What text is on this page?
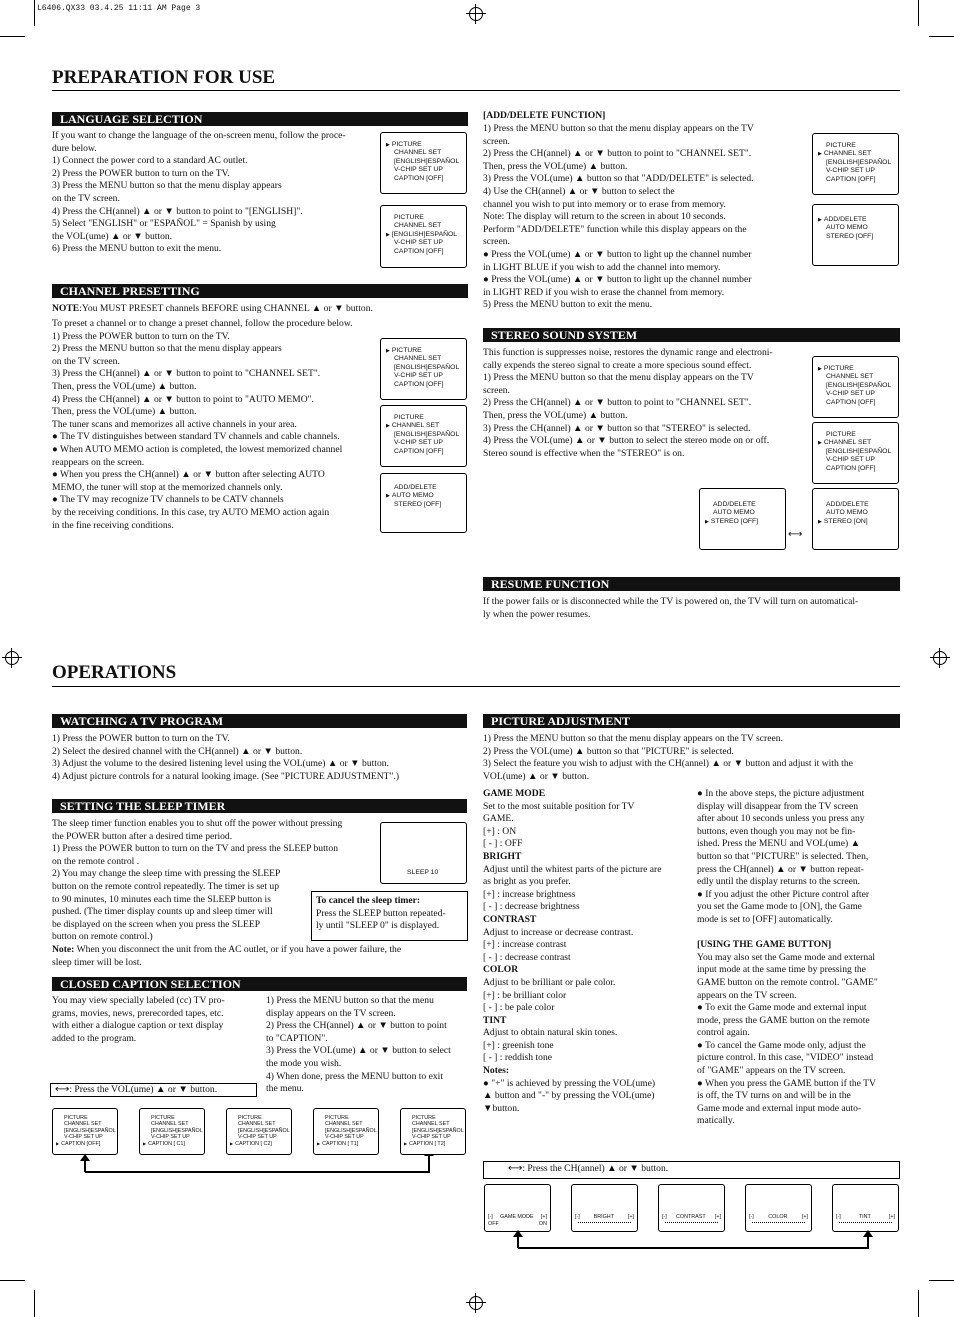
L6406.QX33 03.4.25 11:11 AM Page 3
PREPARATION FOR USE
LANGUAGE SELECTION
If you want to change the language of the on-screen menu, follow the proce-
dure below.
1) Connect the power cord to a standard AC outlet.
2) Press the POWER button to turn on the TV.
3) Press the MENU button so that the menu display appears
on the TV screen.
4) Press the CH(annel) ▲ or ▼ button to point to "[ENGLISH]".
5) Select "ENGLISH" or "ESPAÑOL" = Spanish by using
the VOL(ume) ▲ or ▼ button.
6) Press the MENU button to exit the menu.
▶ PICTURE
CHANNEL SET
[ENGLISH]ESPAÑOL
V-CHIP SET UP
CAPTION [OFF]
PICTURE
CHANNEL SET
▶ [ENGLISH]ESPAÑOL
V-CHIP SET UP
CAPTION [OFF]
CHANNEL PRESETTING
NOTE:You MUST PRESET channels BEFORE using CHANNEL ▲ or ▼ button.
To preset a channel or to change a preset channel, follow the procedure below.
1) Press the POWER button to turn on the TV.
2) Press the MENU button so that the menu display appears
on the TV screen.
3) Press the CH(annel) ▲ or ▼ button to point to "CHANNEL SET".
Then, press the VOL(ume) ▲ button.
4) Press the CH(annel) ▲ or ▼ button to point to "AUTO MEMO".
Then, press the VOL(ume) ▲ button.
The tuner scans and memorizes all active channels in your area.
● The TV distinguishes between standard TV channels and cable channels.
● When AUTO MEMO action is completed, the lowest memorized channel
reappears on the screen.
● When you press the CH(annel) ▲ or ▼ button after selecting AUTO
MEMO, the tuner will stop at the memorized channels only.
● The TV may recognize TV channels to be CATV channels
by the receiving conditions. In this case, try AUTO MEMO action again
in the fine receiving conditions.
▶ PICTURE
CHANNEL SET
[ENGLISH]ESPAÑOL
V-CHIP SET UP
CAPTION [OFF]
PICTURE
▶ CHANNEL SET
[ENGLISH]ESPAÑOL
V-CHIP SET UP
CAPTION [OFF]
ADD/DELETE
▶ AUTO MEMO
STEREO [OFF]
[ADD/DELETE FUNCTION]
1) Press the MENU button so that the menu display appears on the TV
screen.
2) Press the CH(annel) ▲ or ▼ button to point to "CHANNEL SET".
Then, press the VOL(ume) ▲ button.
3) Press the VOL(ume) ▲ button so that "ADD/DELETE" is selected.
4) Use the CH(annel) ▲ or ▼ button to select the
channel you wish to put into memory or to erase from memory.
Note: The display will return to the screen in about 10 seconds.
Perform "ADD/DELETE" function while this display appears on the
screen.
● Press the VOL(ume) ▲ or ▼ button to light up the channel number
in LIGHT BLUE if you wish to add the channel into memory.
● Press the VOL(ume) ▲ or ▼ button to light up the channel number
in LIGHT RED if you wish to erase the channel from memory.
5) Press the MENU button to exit the menu.
PICTURE
▶ CHANNEL SET
[ENGLISH]ESPAÑOL
V-CHIP SET UP
CAPTION [OFF]
▶ ADD/DELETE
AUTO MEMO
STEREO [OFF]
STEREO SOUND SYSTEM
This function is suppresses noise, restores the dynamic range and electroni-
cally expends the stereo signal to create a more specious sound effect.
1) Press the MENU button so that the menu display appears on the TV
screen.
2) Press the CH(annel) ▲ or ▼ button to point to "CHANNEL SET".
Then, press the VOL(ume) ▲ button.
3) Press the CH(annel) ▲ or ▼ button so that "STEREO" is selected.
4) Press the VOL(ume) ▲ or ▼ button to select the stereo mode on or off.
Stereo sound is effective when the "STEREO" is on.
▶ PICTURE
CHANNEL SET
[ENGLISH]ESPAÑOL
V-CHIP SET UP
CAPTION [OFF]
PICTURE
▶ CHANNEL SET
[ENGLISH]ESPAÑOL
V-CHIP SET UP
CAPTION [OFF]
ADD/DELETE
AUTO MEMO
▶ STEREO [OFF]
⟷
ADD/DELETE
AUTO MEMO
▶ STEREO [ON]
RESUME FUNCTION
If the power fails or is disconnected while the TV is powered on, the TV will turn on automatical-
ly when the power resumes.
OPERATIONS
WATCHING A TV PROGRAM
1) Press the POWER button to turn on the TV.
2) Select the desired channel with the CH(annel) ▲ or ▼ button.
3) Adjust the volume to the desired listening level using the VOL(ume) ▲ or ▼ button.
4) Adjust picture controls for a natural looking image. (See "PICTURE ADJUSTMENT".)
SETTING THE SLEEP TIMER
The sleep timer function enables you to shut off the power without pressing
the POWER button after a desired time period.
1) Press the POWER button to turn on the TV and press the SLEEP button
on the remote control .
2) You may change the sleep time with pressing the SLEEP
button on the remote control repeatedly. The timer is set up
to 90 minutes, 10 minutes each time the SLEEP button is
pushed. (The timer display counts up and sleep timer will
be displayed on the screen when you press the SLEEP
button on remote control.)
Note: When you disconnect the unit from the AC outlet, or if you have a power failure, the
sleep timer will be lost.
SLEEP 10
To cancel the sleep timer:
Press the SLEEP button repeated-
ly until "SLEEP 0" is displayed.
CLOSED CAPTION SELECTION
You may view specially labeled (cc) TV pro-
grams, movies, news, prerecorded tapes, etc.
with either a dialogue caption or text display
added to the program.
1) Press the MENU button so that the menu
display appears on the TV screen.
2) Press the CH(annel) ▲ or ▼ button to point
to "CAPTION".
3) Press the VOL(ume) ▲ or ▼ button to select
the mode you wish.
4) When done, press the MENU button to exit
the menu.
⟷: Press the VOL(ume) ▲ or ▼ button.
PICTURE
CHANNEL SET
[ENGLISH]ESPAÑOL
V-CHIP SET UP
▶ CAPTION [OFF]
PICTURE
CHANNEL SET
[ENGLISH]ESPAÑOL
V-CHIP SET UP
▶ CAPTION [ C1]
PICTURE
CHANNEL SET
[ENGLISH]ESPAÑOL
V-CHIP SET UP
▶ CAPTION [ C2]
PICTURE
CHANNEL SET
[ENGLISH]ESPAÑOL
V-CHIP SET UP
▶ CAPTION [ T1]
PICTURE
CHANNEL SET
[ENGLISH]ESPAÑOL
V-CHIP SET UP
▶ CAPTION [ T2]
PICTURE ADJUSTMENT
1) Press the MENU button so that the menu display appears on the TV screen.
2) Press the VOL(ume) ▲ button so that "PICTURE" is selected.
3) Select the feature you wish to adjust with the CH(annel) ▲ or ▼ button and adjust it with the
VOL(ume) ▲ or ▼ button.
GAME MODE
Set to the most suitable position for TV
GAME.
[+] : ON
[ - ] : OFF
BRIGHT
Adjust until the whitest parts of the picture are
as bright as you prefer.
[+] : increase brightness
[ - ] : decrease brightness
CONTRAST
Adjust to increase or decrease contrast.
[+] : increase contrast
[ - ] : decrease contrast
COLOR
Adjust to be brilliant or pale color.
[+] : be brilliant color
[ - ] : be pale color
TINT
Adjust to obtain natural skin tones.
[+] : greenish tone
[ - ] : reddish tone
Notes:
● "+" is achieved by pressing the VOL(ume)
▲ button and "-" by pressing the VOL(ume)
▼button.
● In the above steps, the picture adjustment
display will disappear from the TV screen
after about 10 seconds unless you press any
buttons, even though you may not be fin-
ished. Press the MENU and VOL(ume) ▲
button so that "PICTURE" is selected. Then,
press the CH(annel) ▲ or ▼ button repeat-
edly until the display returns to the screen.
● If you adjust the other Picture control after
you set the Game mode to [ON], the Game
mode is set to [OFF] automatically.
[USING THE GAME BUTTON]
You may also set the Game mode and external
input mode at the same time by pressing the
GAME button on the remote control. "GAME"
appears on the TV screen.
● To exit the Game mode and external input
mode, press the GAME button on the remote
control again.
● To cancel the Game mode only, adjust the
picture control. In this case, "VIDEO" instead
of "GAME" appears on the TV screen.
● When you press the GAME button if the TV
is off, the TV turns on and will be in the
Game mode and external input mode auto-
matically.
⟷: Press the CH(annel) ▲ or ▼ button.
[-] GAME MODE [+]
OFF	ON
[-]	BRIGHT	[+]	[-] CONTRAST [+]	[-]	COLOR	[+]	[-]	TINT	[+]
